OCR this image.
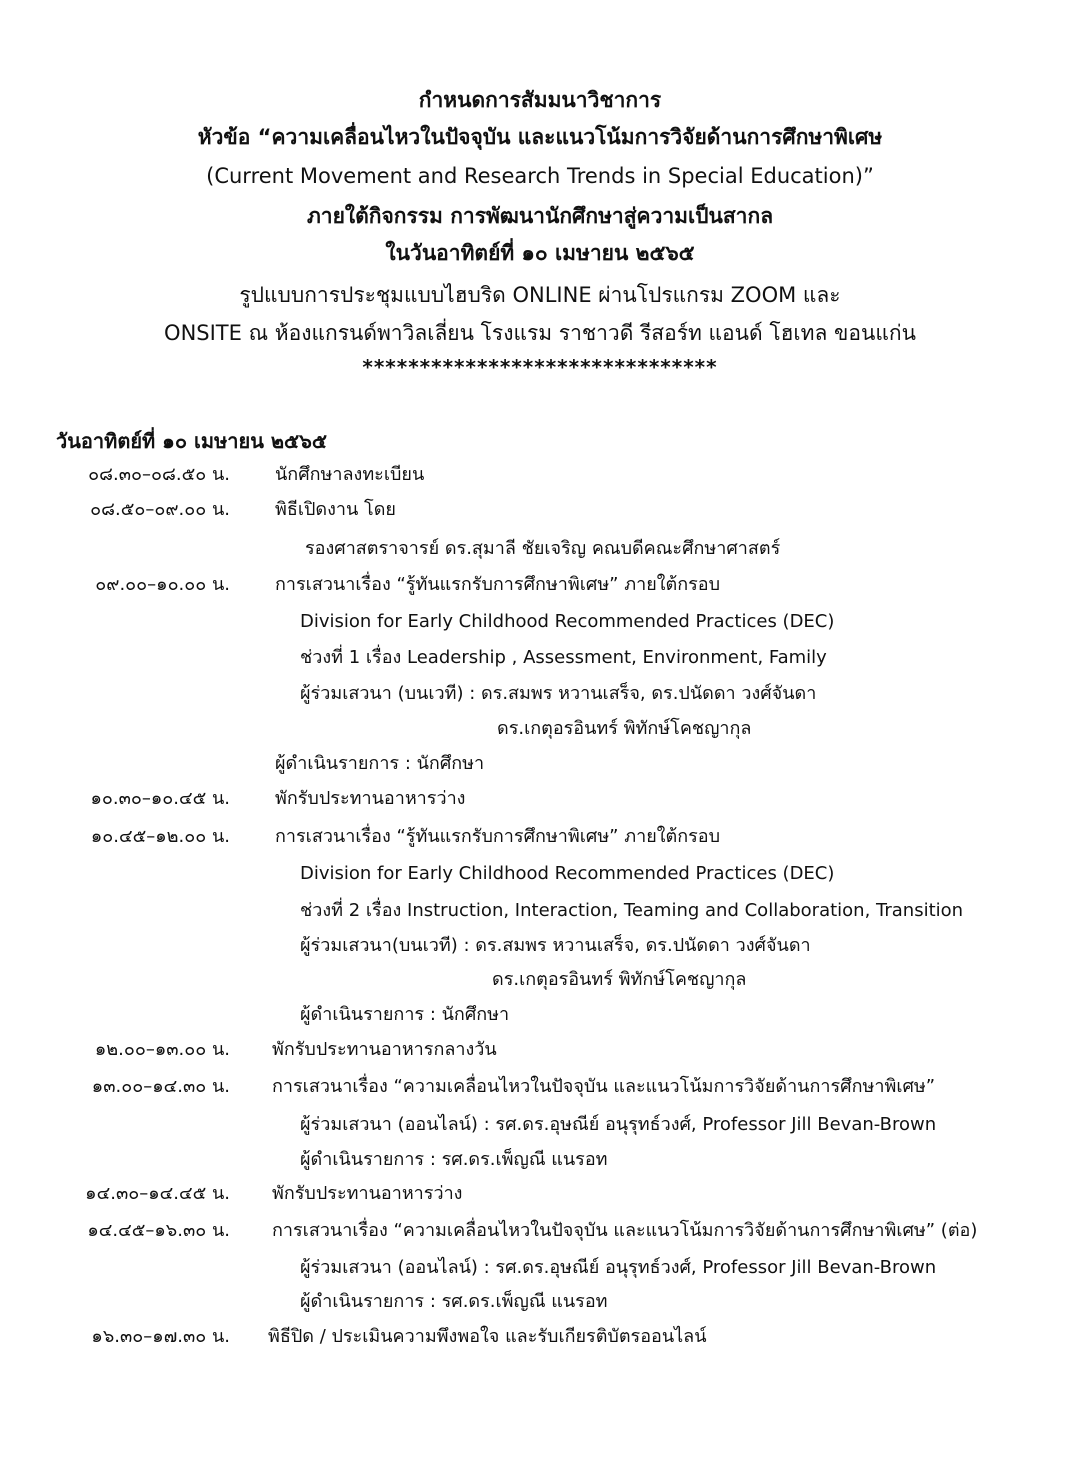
กำหนดการสัมมนาวิชาการ
หัวข้อ “ความเคลื่อนไหวในปัจจุบัน และแนวโน้มการวิจัยด้านการศึกษาพิเศษ
(Current Movement and Research Trends in Special Education)”
ภายใต้กิจกรรม การพัฒนานักศึกษาสู่ความเป็นสากล
ในวันอาทิตย์ที่ ๑๐ เมษายน ๒๕๖๕
รูปแบบการประชุมแบบไฮบริด ONLINE ผ่านโปรแกรม ZOOM และ
ONSITE ณ ห้องแกรนด์พาวิลเลี่ยน โรงแรม ราชาวดี รีสอร์ท แอนด์ โฮเทล ขอนแก่น
*******************************
วันอาทิตย์ที่ ๑๐ เมษายน ๒๕๖๕
๐๘.๓๐–๐๘.๕๐ น.	นักศึกษาลงทะเบียน
๐๘.๕๐–๐๙.๐๐ น.	พิธีเปิดงาน โดย
รองศาสตราจารย์ ดร.สุมาลี ชัยเจริญ คณบดีคณะศึกษาศาสตร์
๐๙.๐๐–๑๐.๐๐ น.	การเสวนาเรื่อง “รู้ทันแรกรับการศึกษาพิเศษ” ภายใต้กรอบ
Division for Early Childhood Recommended Practices (DEC)
ช่วงที่ 1 เรื่อง Leadership , Assessment, Environment, Family
ผู้ร่วมเสวนา (บนเวที) : ดร.สมพร หวานเสร็จ, ดร.ปนัดดา วงศ์จันดา
ดร.เกตุอรอินทร์ พิทักษ์โคชญากุล
ผู้ดำเนินรายการ : นักศึกษา
๑๐.๓๐–๑๐.๔๕ น.	พักรับประทานอาหารว่าง
๑๐.๔๕–๑๒.๐๐ น.	การเสวนาเรื่อง “รู้ทันแรกรับการศึกษาพิเศษ” ภายใต้กรอบ
Division for Early Childhood Recommended Practices (DEC)
ช่วงที่ 2 เรื่อง Instruction, Interaction, Teaming and Collaboration, Transition
ผู้ร่วมเสวนา(บนเวที) : ดร.สมพร หวานเสร็จ, ดร.ปนัดดา วงศ์จันดา
ดร.เกตุอรอินทร์ พิทักษ์โคชญากุล
ผู้ดำเนินรายการ : นักศึกษา
๑๒.๐๐–๑๓.๐๐ น. พักรับประทานอาหารกลางวัน
๑๓.๐๐–๑๔.๓๐ น. การเสวนาเรื่อง “ความเคลื่อนไหวในปัจจุบัน และแนวโน้มการวิจัยด้านการศึกษาพิเศษ”
ผู้ร่วมเสวนา (ออนไลน์) : รศ.ดร.อุษณีย์ อนุรุทธ์วงศ์, Professor Jill Bevan-Brown
ผู้ดำเนินรายการ : รศ.ดร.เพ็ญณี แนรอท
๑๔.๓๐–๑๔.๔๕ น. พักรับประทานอาหารว่าง
๑๔.๔๕–๑๖.๓๐ น. การเสวนาเรื่อง “ความเคลื่อนไหวในปัจจุบัน และแนวโน้มการวิจัยด้านการศึกษาพิเศษ” (ต่อ)
ผู้ร่วมเสวนา (ออนไลน์) : รศ.ดร.อุษณีย์ อนุรุทธ์วงศ์, Professor Jill Bevan-Brown
ผู้ดำเนินรายการ : รศ.ดร.เพ็ญณี แนรอท
๑๖.๓๐–๑๗.๓๐ น. พิธีปิด / ประเมินความพึงพอใจ และรับเกียรติบัตรออนไลน์
